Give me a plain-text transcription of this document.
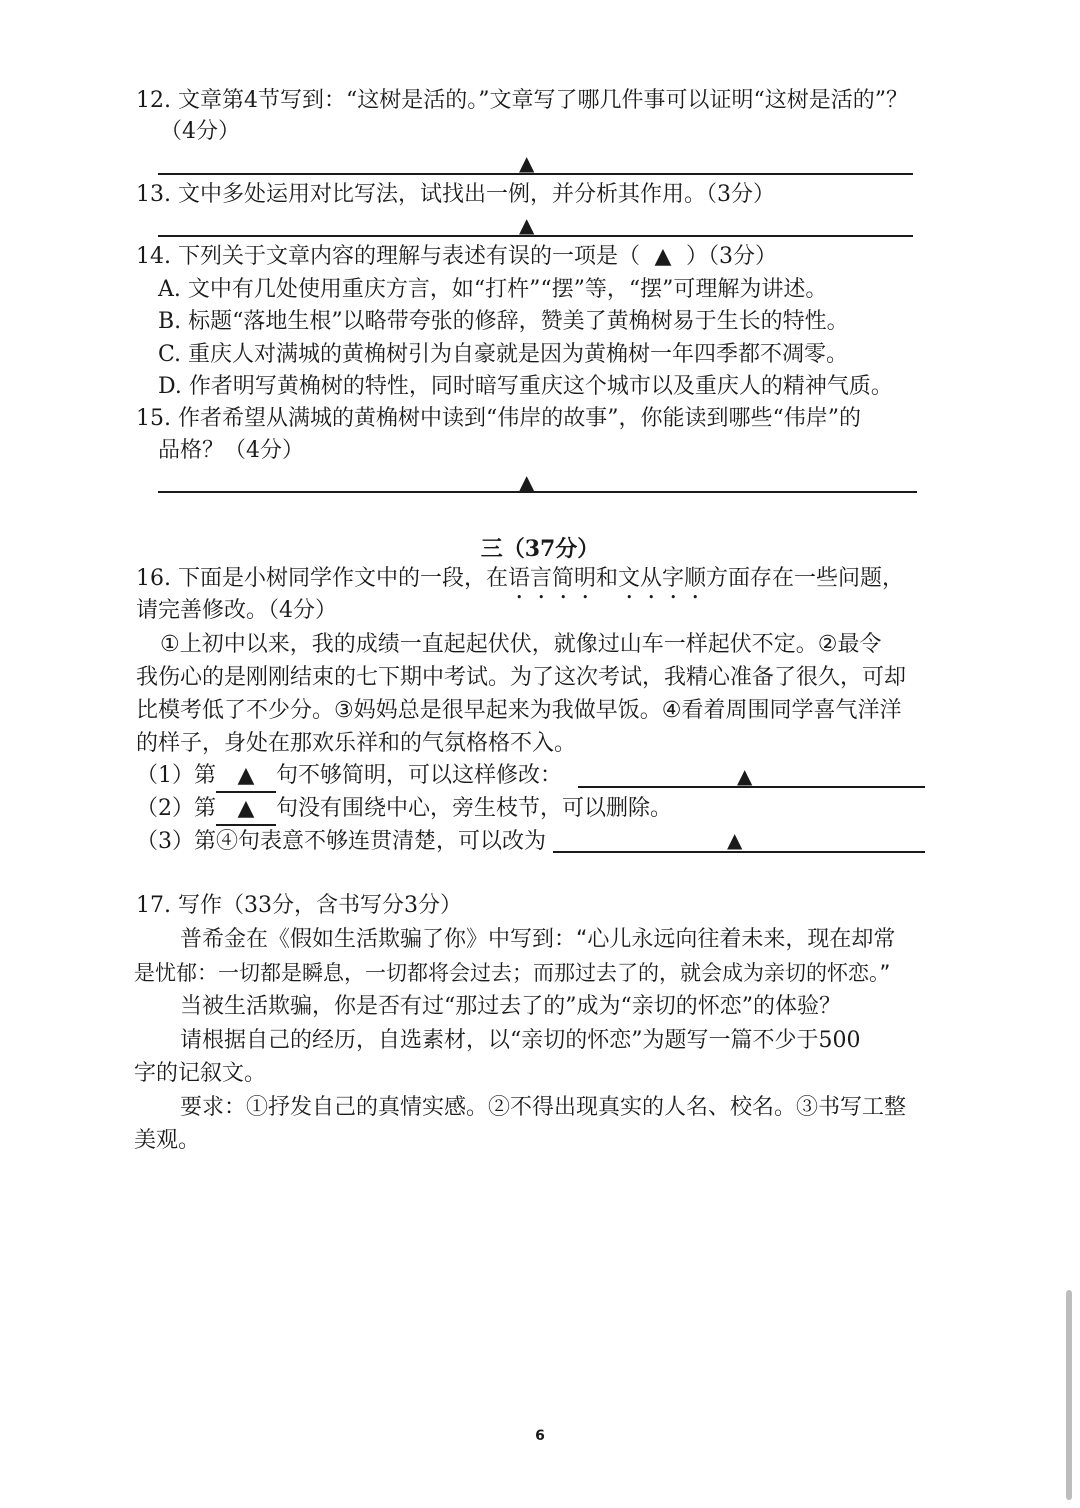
12. 文章第4节写到：“这树是活的。”文章写了哪几件事可以证明“这树是活的”？
（4分）
▲
13. 文中多处运用对比写法，试找出一例，并分析其作用。（3分）
▲
14. 下列关于文章内容的理解与表述有误的一项是（ ▲ ）（3分）
A. 文中有几处使用重庆方言，如“打杵”“摆”等，“摆”可理解为讲述。
B. 标题“落地生根”以略带夸张的修辞，赞美了黄桷树易于生长的特性。
C. 重庆人对满城的黄桷树引为自豪就是因为黄桷树一年四季都不凋零。
D. 作者明写黄桷树的特性，同时暗写重庆这个城市以及重庆人的精神气质。
15. 作者希望从满城的黄桷树中读到“伟岸的故事”，你能读到哪些“伟岸”的
品格？（4分）
▲
三（37分）
16. 下面是小树同学作文中的一段，在语言简明和文从字顺方面存在一些问题，
请完善修改。（4分）
①上初中以来，我的成绩一直起起伏伏，就像过山车一样起伏不定。②最令
我伤心的是刚刚结束的七下期中考试。为了这次考试，我精心准备了很久，可却
比模考低了不少分。③妈妈总是很早起来为我做早饭。④看着周围同学喜气洋洋
的样子，身处在那欢乐祥和的气氛格格不入。
（1）第 ▲ 句不够简明，可以这样修改：	▲
（2）第 ▲ 句没有围绕中心，旁生枝节，可以删除。
（3）第④句表意不够连贯清楚，可以改为	▲
17. 写作（33分，含书写分3分）
普希金在《假如生活欺骗了你》中写到：“心儿永远向往着未来，现在却常
是忧郁：一切都是瞬息，一切都将会过去；而那过去了的，就会成为亲切的怀恋。”
当被生活欺骗，你是否有过“那过去了的”成为“亲切的怀恋”的体验？
请根据自己的经历，自选素材，以“亲切的怀恋”为题写一篇不少于500
字的记叙文。
要求：①抒发自己的真情实感。②不得出现真实的人名、校名。③书写工整
美观。
6
